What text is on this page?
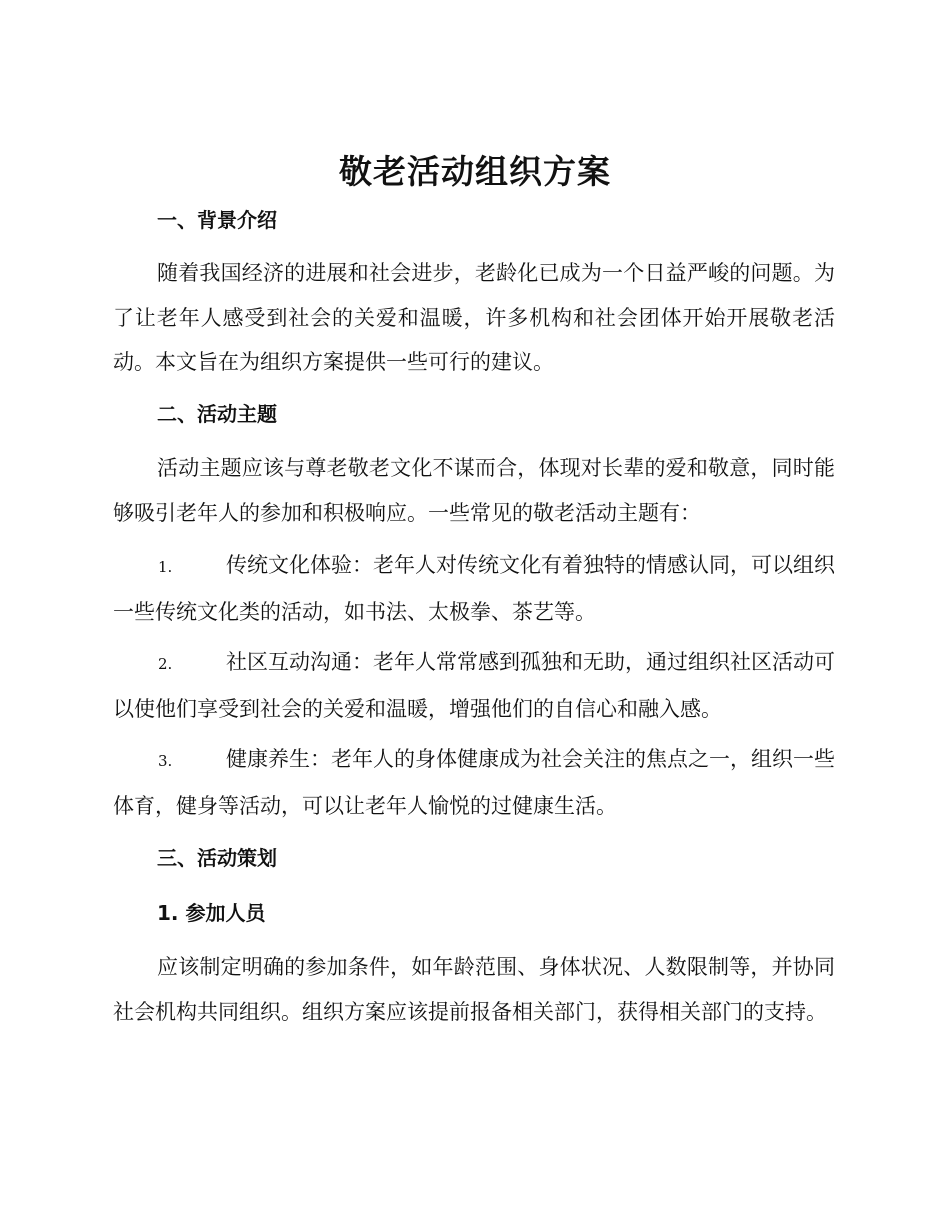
敬老活动组织方案
一、背景介绍

随着我国经济的进展和社会进步，老龄化已成为一个日益严峻的问题。为了让老年人感受到社会的关爱和温暖，许多机构和社会团体开始开展敬老活动。本文旨在为组织方案提供一些可行的建议。

二、活动主题

活动主题应该与尊老敬老文化不谋而合，体现对长辈的爱和敬意，同时能够吸引老年人的参加和积极响应。一些常见的敬老活动主题有：

1.	传统文化体验：老年人对传统文化有着独特的情感认同，可以组织一些传统文化类的活动，如书法、太极拳、茶艺等。

2.	社区互动沟通：老年人常常感到孤独和无助，通过组织社区活动可以使他们享受到社会的关爱和温暖，增强他们的自信心和融入感。

3.	健康养生：老年人的身体健康成为社会关注的焦点之一，组织一些体育，健身等活动，可以让老年人愉悦的过健康生活。

三、活动策划
1. 参加人员

应该制定明确的参加条件，如年龄范围、身体状况、人数限制等，并协同社会机构共同组织。组织方案应该提前报备相关部门，获得相关部门的支持。
